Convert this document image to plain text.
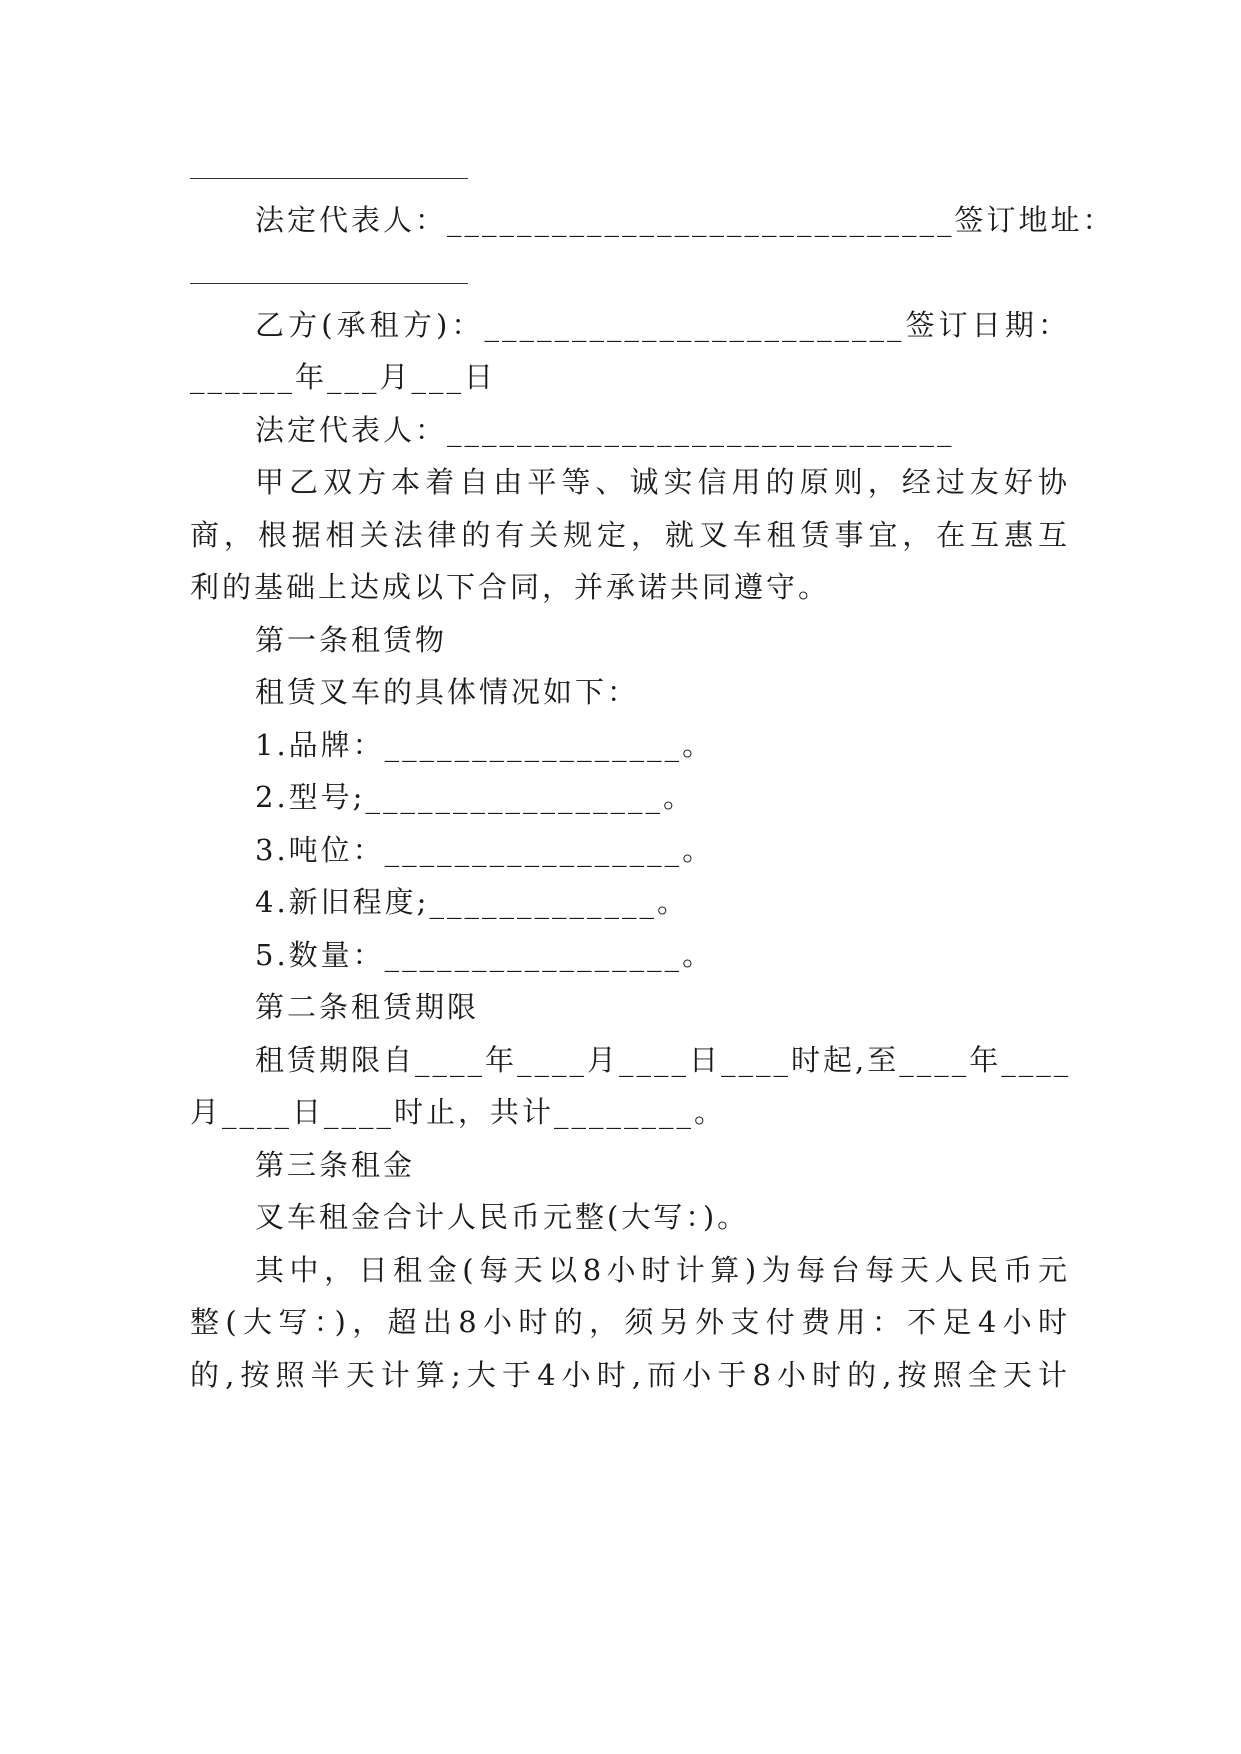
法定代表人：_____________________________签订地址：
乙方(承租方)：________________________签订日期：
______年___月___日
法定代表人：_____________________________
甲乙双方本着自由平等、诚实信用的原则，经过友好协
商，根据相关法律的有关规定，就叉车租赁事宜，在互惠互
利的基础上达成以下合同，并承诺共同遵守。
第一条租赁物
租赁叉车的具体情况如下：
1.品牌：_________________。
2.型号;_________________。
3.吨位：_________________。
4.新旧程度;_____________。
5.数量：_________________。
第二条租赁期限
租赁期限自____年____月____日____时起,至____年____
月____日____时止，共计________。
第三条租金
叉车租金合计人民币元整(大写：)。
其中，日租金(每天以8小时计算)为每台每天人民币元
整(大写：)，超出8小时的，须另外支付费用：不足4小时
的,按照半天计算;大于4小时,而小于8小时的,按照全天计
